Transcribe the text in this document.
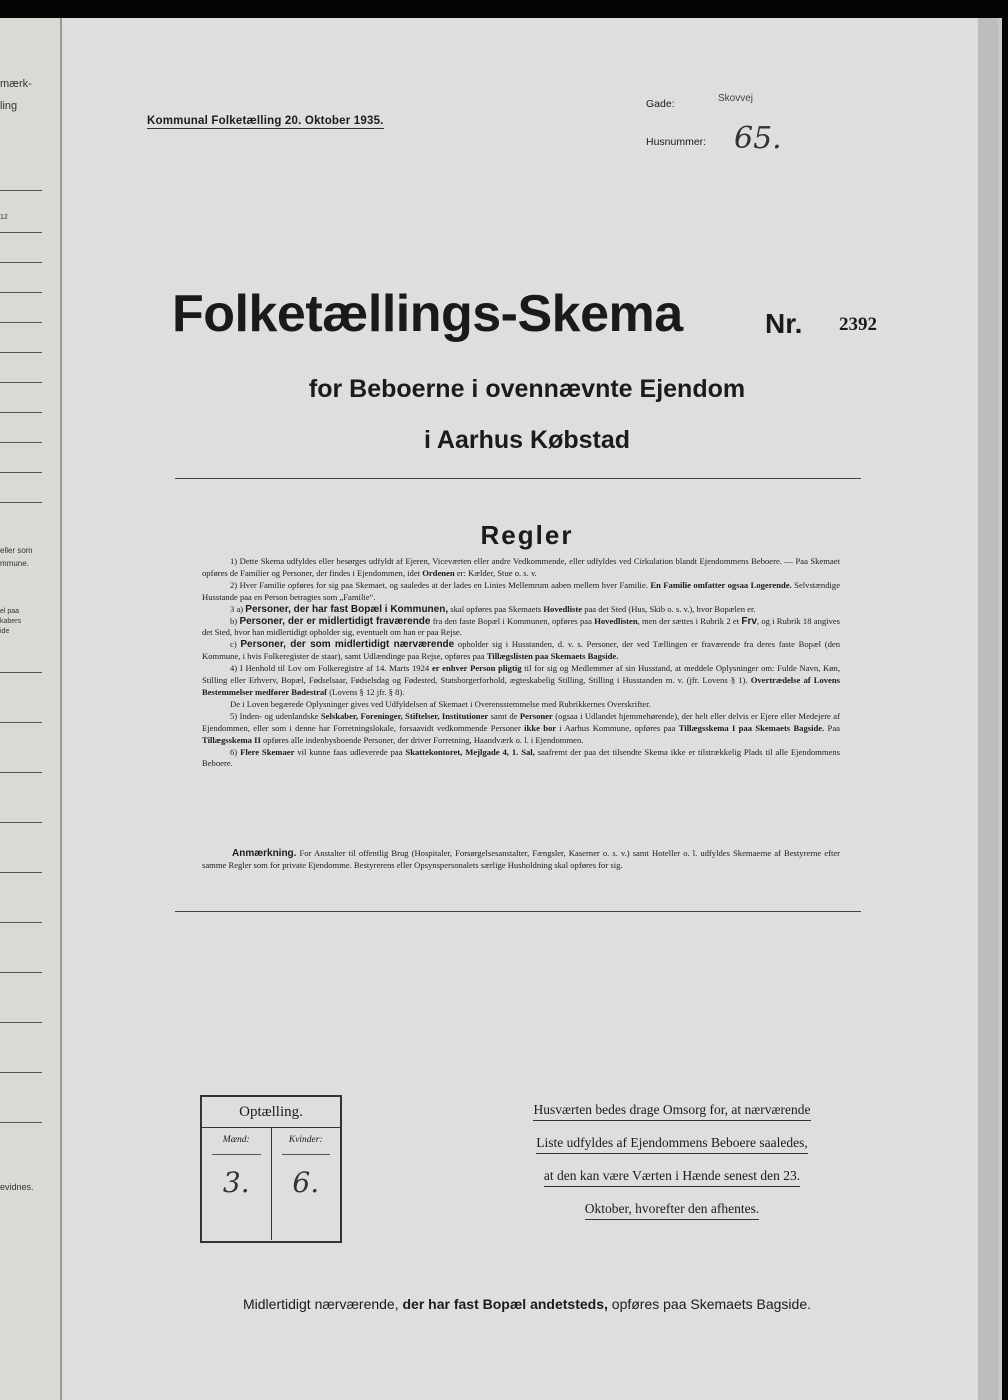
mærk-
ling
12
eller som
mmune.
el paa
kabers
ide
evidnes.
Kommunal Folketælling 20. Oktober 1935.
Gade:	Skovvej
Husnummer: 65.
Folketællings-Skema	Nr. 2392
for Beboerne i ovennævnte Ejendom
i Aarhus Købstad
Regler

1) Dette Skema udfyldes eller besørges udfyldt af Ejeren, Viceværten eller andre Vedkommende, eller udfyldes ved Cirkulation blandt Ejendommens Beboere. — Paa Skemaet opføres de Familier og Personer, der findes i Ejendommen, idet Ordenen er: Kælder, Stue o. s. v.

2) Hver Familie opføres for sig paa Skemaet, og saaledes at der lades en Linies Mellemrum aaben mellem hver Familie. En Familie omfatter ogsaa Logerende. Selvstændige Husstande paa en Person betragtes som „Familie“.

3 a) Personer, der har fast Bopæl i Kommunen, skal opføres paa Skemaets Hovedliste paa det Sted (Hus, Skib o. s. v.), hvor Bopælen er.

b) Personer, der er midlertidigt fraværende fra den faste Bopæl i Kommunen, opføres paa Hovedlisten, men der sættes i Rubrik 2 et Frv, og i Rubrik 18 angives det Sted, hvor han midlertidigt opholder sig, eventuelt om han er paa Rejse.

c) Personer, der som midlertidigt nærværende opholder sig i Husstanden, d. v. s. Personer, der ved Tællingen er fraværende fra deres faste Bopæl (den Kommune, i hvis Folkeregister de staar), samt Udlændinge paa Rejse, opføres paa Tillægslisten paa Skemaets Bagside.

4) I Henhold til Lov om Folkeregistre af 14. Marts 1924 er enhver Person pligtig til for sig og Medlemmer af sin Husstand, at meddele Oplysninger om: Fulde Navn, Køn, Stilling eller Erhverv, Bopæl, Fødselsaar, Fødselsdag og Fødested, Statsborgerforhold, ægteskabelig Stilling, Stilling i Husstanden m. v. (jfr. Lovens § 1). Overtrædelse af Lovens Bestemmelser medfører Bødestraf (Lovens § 12 jfr. § 8).

De i Loven begærede Oplysninger gives ved Udfyldelsen af Skemaet i Overensstemmelse med Rubrikkernes Overskrifter.

5) Inden- og udenlandske Selskaber, Foreninger, Stiftelser, Institutioner samt de Personer (ogsaa i Udlandet hjemmehørende), der helt eller delvis er Ejere eller Medejere af Ejendommen, eller som i denne har Forretningslokale, forsaavidt vedkommende Personer ikke bor i Aarhus Kommune, opføres paa Tillægsskema I paa Skemaets Bagside. Paa Tillægsskema II opføres alle indenbysboende Personer, der driver Forretning, Haandværk o. l. i Ejendommen.

6) Flere Skemaer vil kunne faas udleverede paa Skattekontoret, Mejlgade 4, 1. Sal, saafremt der paa det tilsendte Skema ikke er tilstrækkelig Plads til alle Ejendommens Beboere.

Anmærkning. For Anstalter til offentlig Brug (Hospitaler, Forsørgelsesanstalter, Fængsler, Kaserner o. s. v.) samt Hoteller o. l. udfyldes Skemaerne af Bestyrerne efter samme Regler som for private Ejendomme. Bestyrerens eller Opsynspersonalets særlige Husholdning skal opføres for sig.

Optælling.
Mænd:
3.
Kvinder:
6.
Husværten bedes drage Omsorg for, at nærværende
Liste udfyldes af Ejendommens Beboere saaledes,
at den kan være Værten i Hænde senest den 23.
Oktober, hvorefter den afhentes.
Midlertidigt nærværende, der har fast Bopæl andetsteds, opføres paa Skemaets Bagside.
